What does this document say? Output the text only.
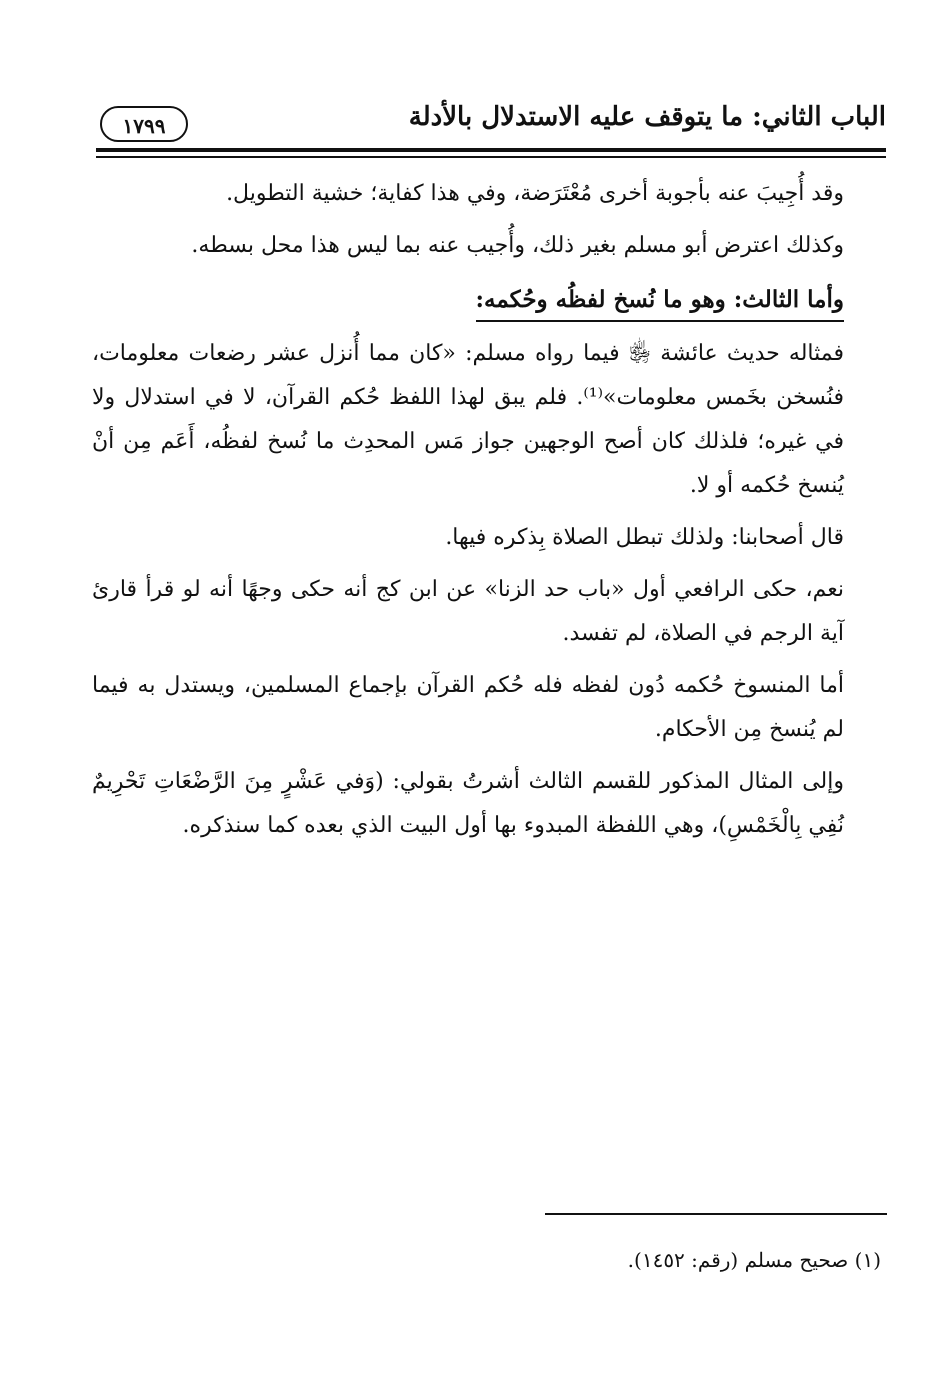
الباب الثاني: ما يتوقف عليه الاستدلال بالأدلة
١٧٩٩

وقد أُجِيبَ عنه بأجوبة أخرى مُعْتَرَضة، وفي هذا كفاية؛ خشية التطويل.

وكذلك اعترض أبو مسلم بغير ذلك، وأُجيب عنه بما ليس هذا محل بسطه.

وأما الثالث: وهو ما نُسخ لفظُه وحُكمه:

فمثاله حديث عائشة ﵂ فيما رواه مسلم: «كان مما أُنزل عشر رضعات معلومات، فنُسخن بخَمس معلومات»⁽¹⁾. فلم يبق لهذا اللفظ حُكم القرآن، لا في استدلال ولا في غيره؛ فلذلك كان أصح الوجهين جواز مَس المحدِث ما نُسخ لفظُه، أَعَم مِن أنْ يُنسخ حُكمه أو لا.

قال أصحابنا: ولذلك تبطل الصلاة بِذكره فيها.

نعم، حكى الرافعي أول «باب حد الزنا» عن ابن كج أنه حكى وجهًا أنه لو قرأ قارئ آية الرجم في الصلاة، لم تفسد.

أما المنسوخ حُكمه دُون لفظه فله حُكم القرآن بإجماع المسلمين، ويستدل به فيما لم يُنسخ مِن الأحكام.

وإلى المثال المذكور للقسم الثالث أشرتُ بقولي: (وَفي عَشْرٍ مِنَ الرَّضْعَاتِ تَحْرِيمٌ نُفِي بِالْخَمْسِ)، وهي اللفظة المبدوء بها أول البيت الذي بعده كما سنذكره.

(١) صحيح مسلم (رقم: ١٤٥٢).
